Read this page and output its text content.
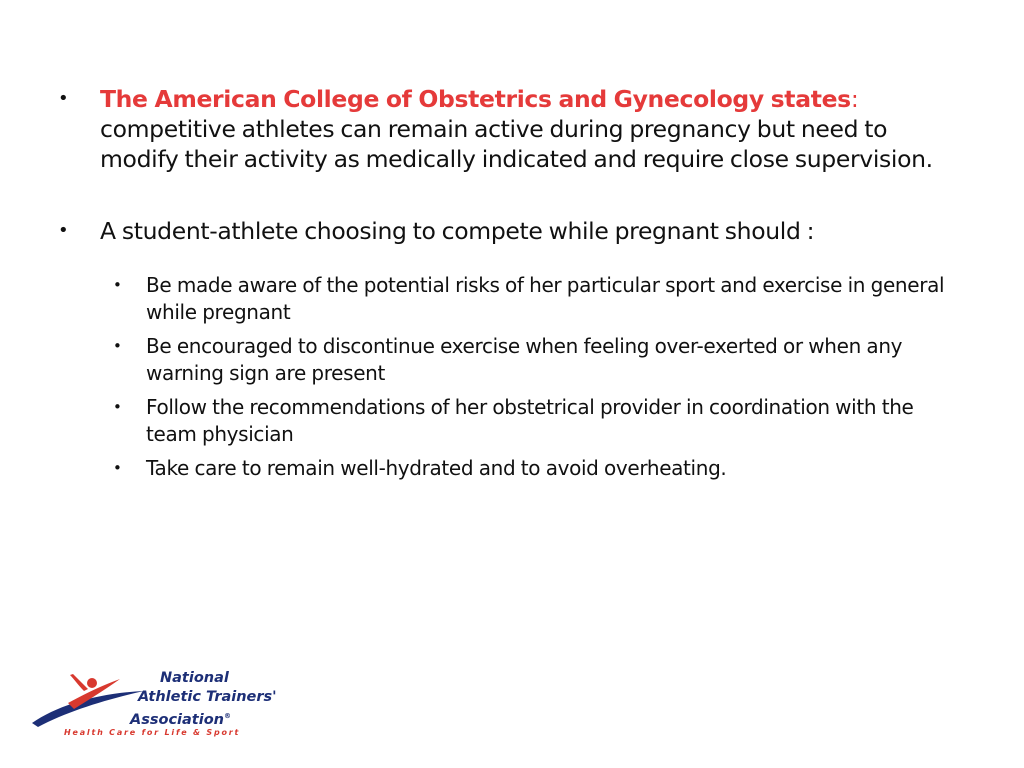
• The American College of Obstetrics and Gynecology states: competitive athletes can remain active during pregnancy but need to modify their activity as medically indicated and require close supervision.
• A student-athlete choosing to compete while pregnant should :
• Be made aware of the potential risks of her particular sport and exercise in general while pregnant
• Be encouraged to discontinue exercise when feeling over-exerted or when any warning sign are present
• Follow the recommendations of her obstetrical provider in coordination with the team physician
• Take care to remain well-hydrated and to avoid overheating.
National
Athletic Trainers'
Association®
Health Care for Life & Sport
